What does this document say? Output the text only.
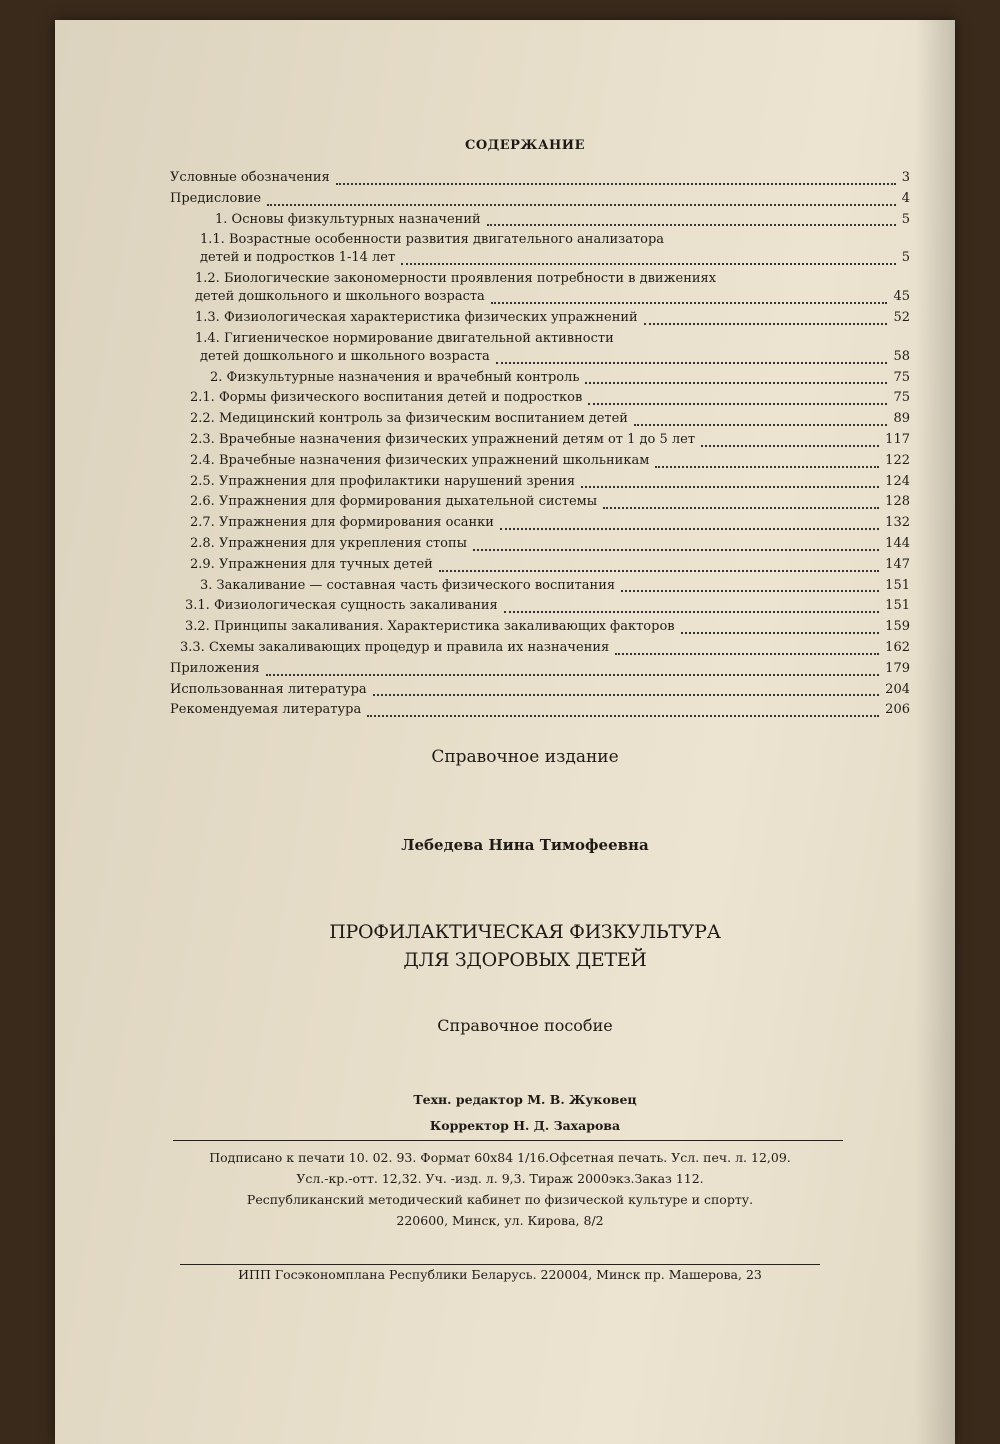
СОДЕРЖАНИЕ
Условные обозначения	3
Предисловие	4
1. Основы физкультурных назначений	5
1.1. Возрастные особенности развития двигательного анализатора
детей и подростков 1-14 лет	5
1.2. Биологические закономерности проявления потребности в движениях
детей дошкольного и школьного возраста	45
1.3. Физиологическая характеристика физических упражнений	52
1.4. Гигиеническое нормирование двигательной активности
детей дошкольного и школьного возраста	58
2. Физкультурные назначения и врачебный контроль	75
2.1. Формы физического воспитания детей и подростков	75
2.2. Медицинский контроль за физическим воспитанием детей	89
2.3. Врачебные назначения физических упражнений детям от 1 до 5 лет	117
2.4. Врачебные назначения физических упражнений школьникам	122
2.5. Упражнения для профилактики нарушений зрения	124
2.6. Упражнения для формирования дыхательной системы	128
2.7. Упражнения для формирования осанки	132
2.8. Упражнения для укрепления стопы	144
2.9. Упражнения для тучных детей	147
3. Закаливание — составная часть физического воспитания	151
3.1. Физиологическая сущность закаливания	151
3.2. Принципы закаливания. Характеристика закаливающих факторов	159
3.3. Схемы закаливающих процедур и правила их назначения	162
Приложения	179
Использованная литература	204
Рекомендуемая литература	206
Справочное издание
Лебедева Нина Тимофеевна
ПРОФИЛАКТИЧЕСКАЯ ФИЗКУЛЬТУРА
ДЛЯ ЗДОРОВЫХ ДЕТЕЙ
Справочное пособие
Техн. редактор М. В. Жуковец
Корректор Н. Д. Захарова
Подписано к печати 10. 02. 93. Формат 60х84 1/16.Офсетная печать. Усл. печ. л. 12,09.
Усл.-кр.-отт. 12,32. Уч. -изд. л. 9,3. Тираж 2000экз.Заказ 112.
Республиканский методический кабинет по физической культуре и спорту.
220600, Минск, ул. Кирова, 8/2
ИПП Госэкономплана Республики Беларусь. 220004, Минск пр. Машерова, 23
